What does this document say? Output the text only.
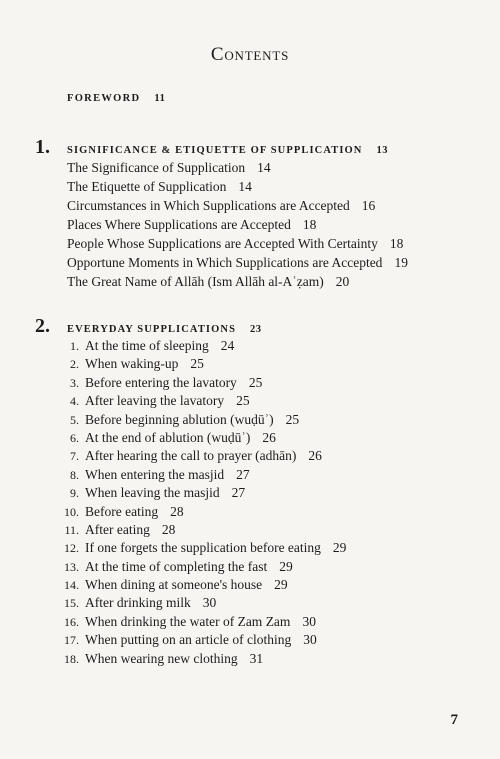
Contents
FOREWORD 11
1.	SIGNIFICANCE & ETIQUETTE OF SUPPLICATION 13
The Significance of Supplication 14
The Etiquette of Supplication 14
Circumstances in Which Supplications are Accepted 16
Places Where Supplications are Accepted 18
People Whose Supplications are Accepted With Certainty 18
Opportune Moments in Which Supplications are Accepted 19
The Great Name of Allāh (Ism Allāh al-Aʿẓam) 20
2.	EVERYDAY SUPPLICATIONS 23
1. At the time of sleeping 24
2. When waking-up 25
3. Before entering the lavatory 25
4. After leaving the lavatory 25
5. Before beginning ablution (wuḍūʾ) 25
6. At the end of ablution (wuḍūʾ) 26
7. After hearing the call to prayer (adhān) 26
8. When entering the masjid 27
9. When leaving the masjid 27
10. Before eating 28
11. After eating 28
12. If one forgets the supplication before eating 29
13. At the time of completing the fast 29
14. When dining at someone's house 29
15. After drinking milk 30
16. When drinking the water of Zam Zam 30
17. When putting on an article of clothing 30
18. When wearing new clothing 31
7
